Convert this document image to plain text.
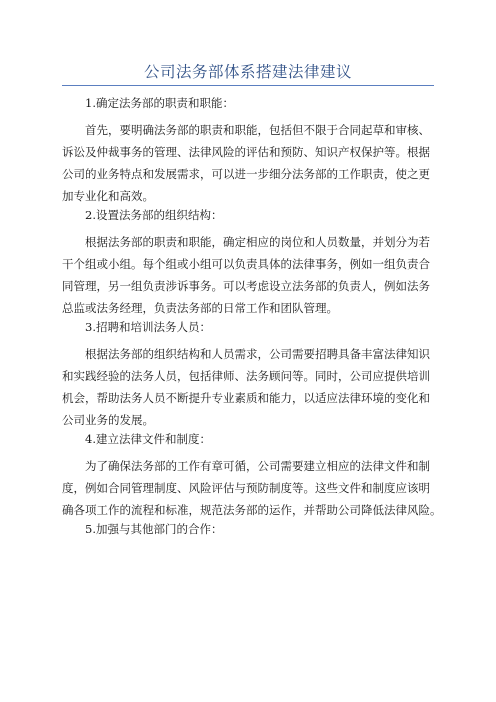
公司法务部体系搭建法律建议
1.确定法务部的职责和职能：
首先，要明确法务部的职责和职能，包括但不限于合同起草和审核、
诉讼及仲裁事务的管理、法律风险的评估和预防、知识产权保护等。根据
公司的业务特点和发展需求，可以进一步细分法务部的工作职责，使之更
加专业化和高效。
2.设置法务部的组织结构：
根据法务部的职责和职能，确定相应的岗位和人员数量，并划分为若
干个组或小组。每个组或小组可以负责具体的法律事务，例如一组负责合
同管理，另一组负责涉诉事务。可以考虑设立法务部的负责人，例如法务
总监或法务经理，负责法务部的日常工作和团队管理。
3.招聘和培训法务人员：
根据法务部的组织结构和人员需求，公司需要招聘具备丰富法律知识
和实践经验的法务人员，包括律师、法务顾问等。同时，公司应提供培训
机会，帮助法务人员不断提升专业素质和能力，以适应法律环境的变化和
公司业务的发展。
4.建立法律文件和制度：
为了确保法务部的工作有章可循，公司需要建立相应的法律文件和制
度，例如合同管理制度、风险评估与预防制度等。这些文件和制度应该明
确各项工作的流程和标准，规范法务部的运作，并帮助公司降低法律风险。
5.加强与其他部门的合作：
